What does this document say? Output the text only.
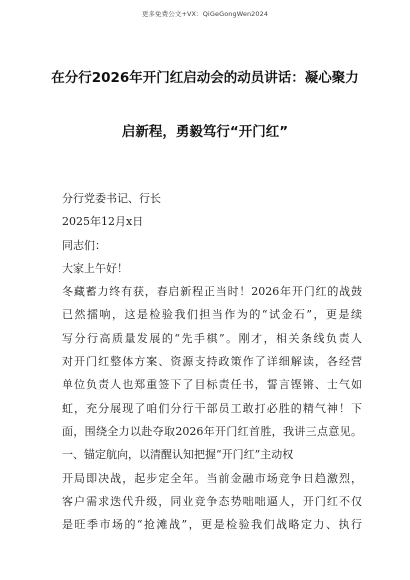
更多免费公文+VX：QiGeGongWen2024
在分行2026年开门红启动会的动员讲话：凝心聚力
启新程，勇毅笃行“开门红”

分行党委书记、行长

2025年12月x日

同志们：

大家上午好！

冬藏蓄力终有获，春启新程正当时！2026年开门红的战鼓
已然擂响，这是检验我们担当作为的“试金石”，更是续
写分行高质量发展的“先手棋”。刚才，相关条线负责人
对开门红整体方案、资源支持政策作了详细解读，各经营
单位负责人也郑重签下了目标责任书，誓言铿锵、士气如
虹，充分展现了咱们分行干部员工敢打必胜的精气神！下
面，围绕全力以赴夺取2026年开门红首胜，我讲三点意见。

一、锚定航向，以清醒认知把握“开门红”主动权

开局即决战，起步定全年。当前金融市场竞争日趋激烈，
客户需求迭代升级，同业竞争态势咄咄逼人，开门红不仅
是旺季市场的“抢滩战”，更是检验我们战略定力、执行
